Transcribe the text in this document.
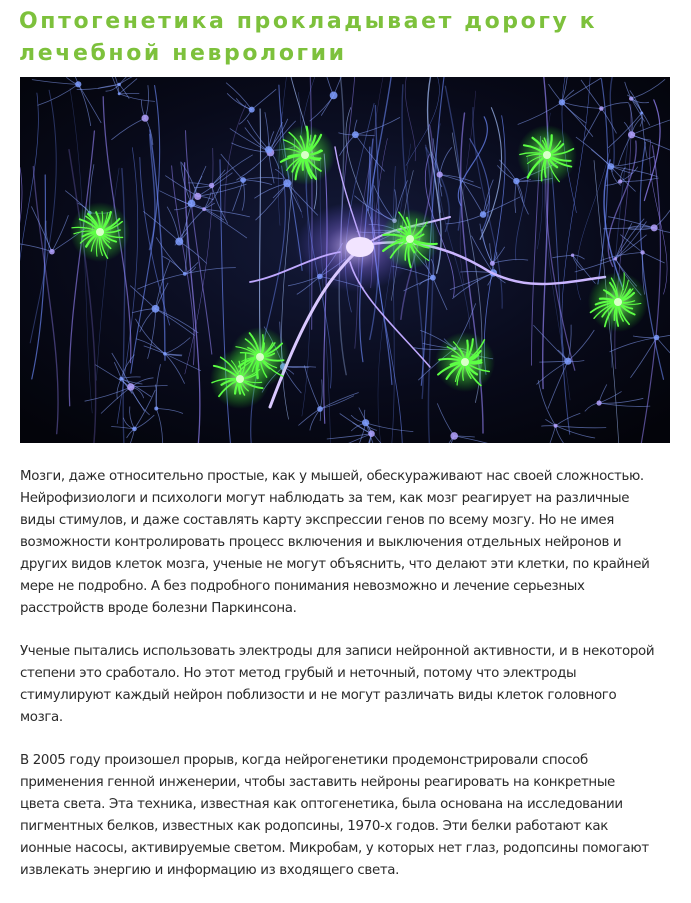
Оптогенетика прокладывает дорогу к лечебной неврологии

Мозги, даже относительно простые, как у мышей, обескураживают нас своей сложностью.
Нейрофизиологи и психологи могут наблюдать за тем, как мозг реагирует на различные
виды стимулов, и даже составлять карту экспрессии генов по всему мозгу. Но не имея
возможности контролировать процесс включения и выключения отдельных нейронов и
других видов клеток мозга, ученые не могут объяснить, что делают эти клетки, по крайней
мере не подробно. А без подробного понимания невозможно и лечение серьезных
расстройств вроде болезни Паркинсона.

Ученые пытались использовать электроды для записи нейронной активности, и в некоторой
степени это сработало. Но этот метод грубый и неточный, потому что электроды
стимулируют каждый нейрон поблизости и не могут различать виды клеток головного
мозга.

В 2005 году произошел прорыв, когда нейрогенетики продемонстрировали способ
применения генной инженерии, чтобы заставить нейроны реагировать на конкретные
цвета света. Эта техника, известная как оптогенетика, была основана на исследовании
пигментных белков, известных как родопсины, 1970-х годов. Эти белки работают как
ионные насосы, активируемые светом. Микробам, у которых нет глаз, родопсины помогают
извлекать энергию и информацию из входящего света.
